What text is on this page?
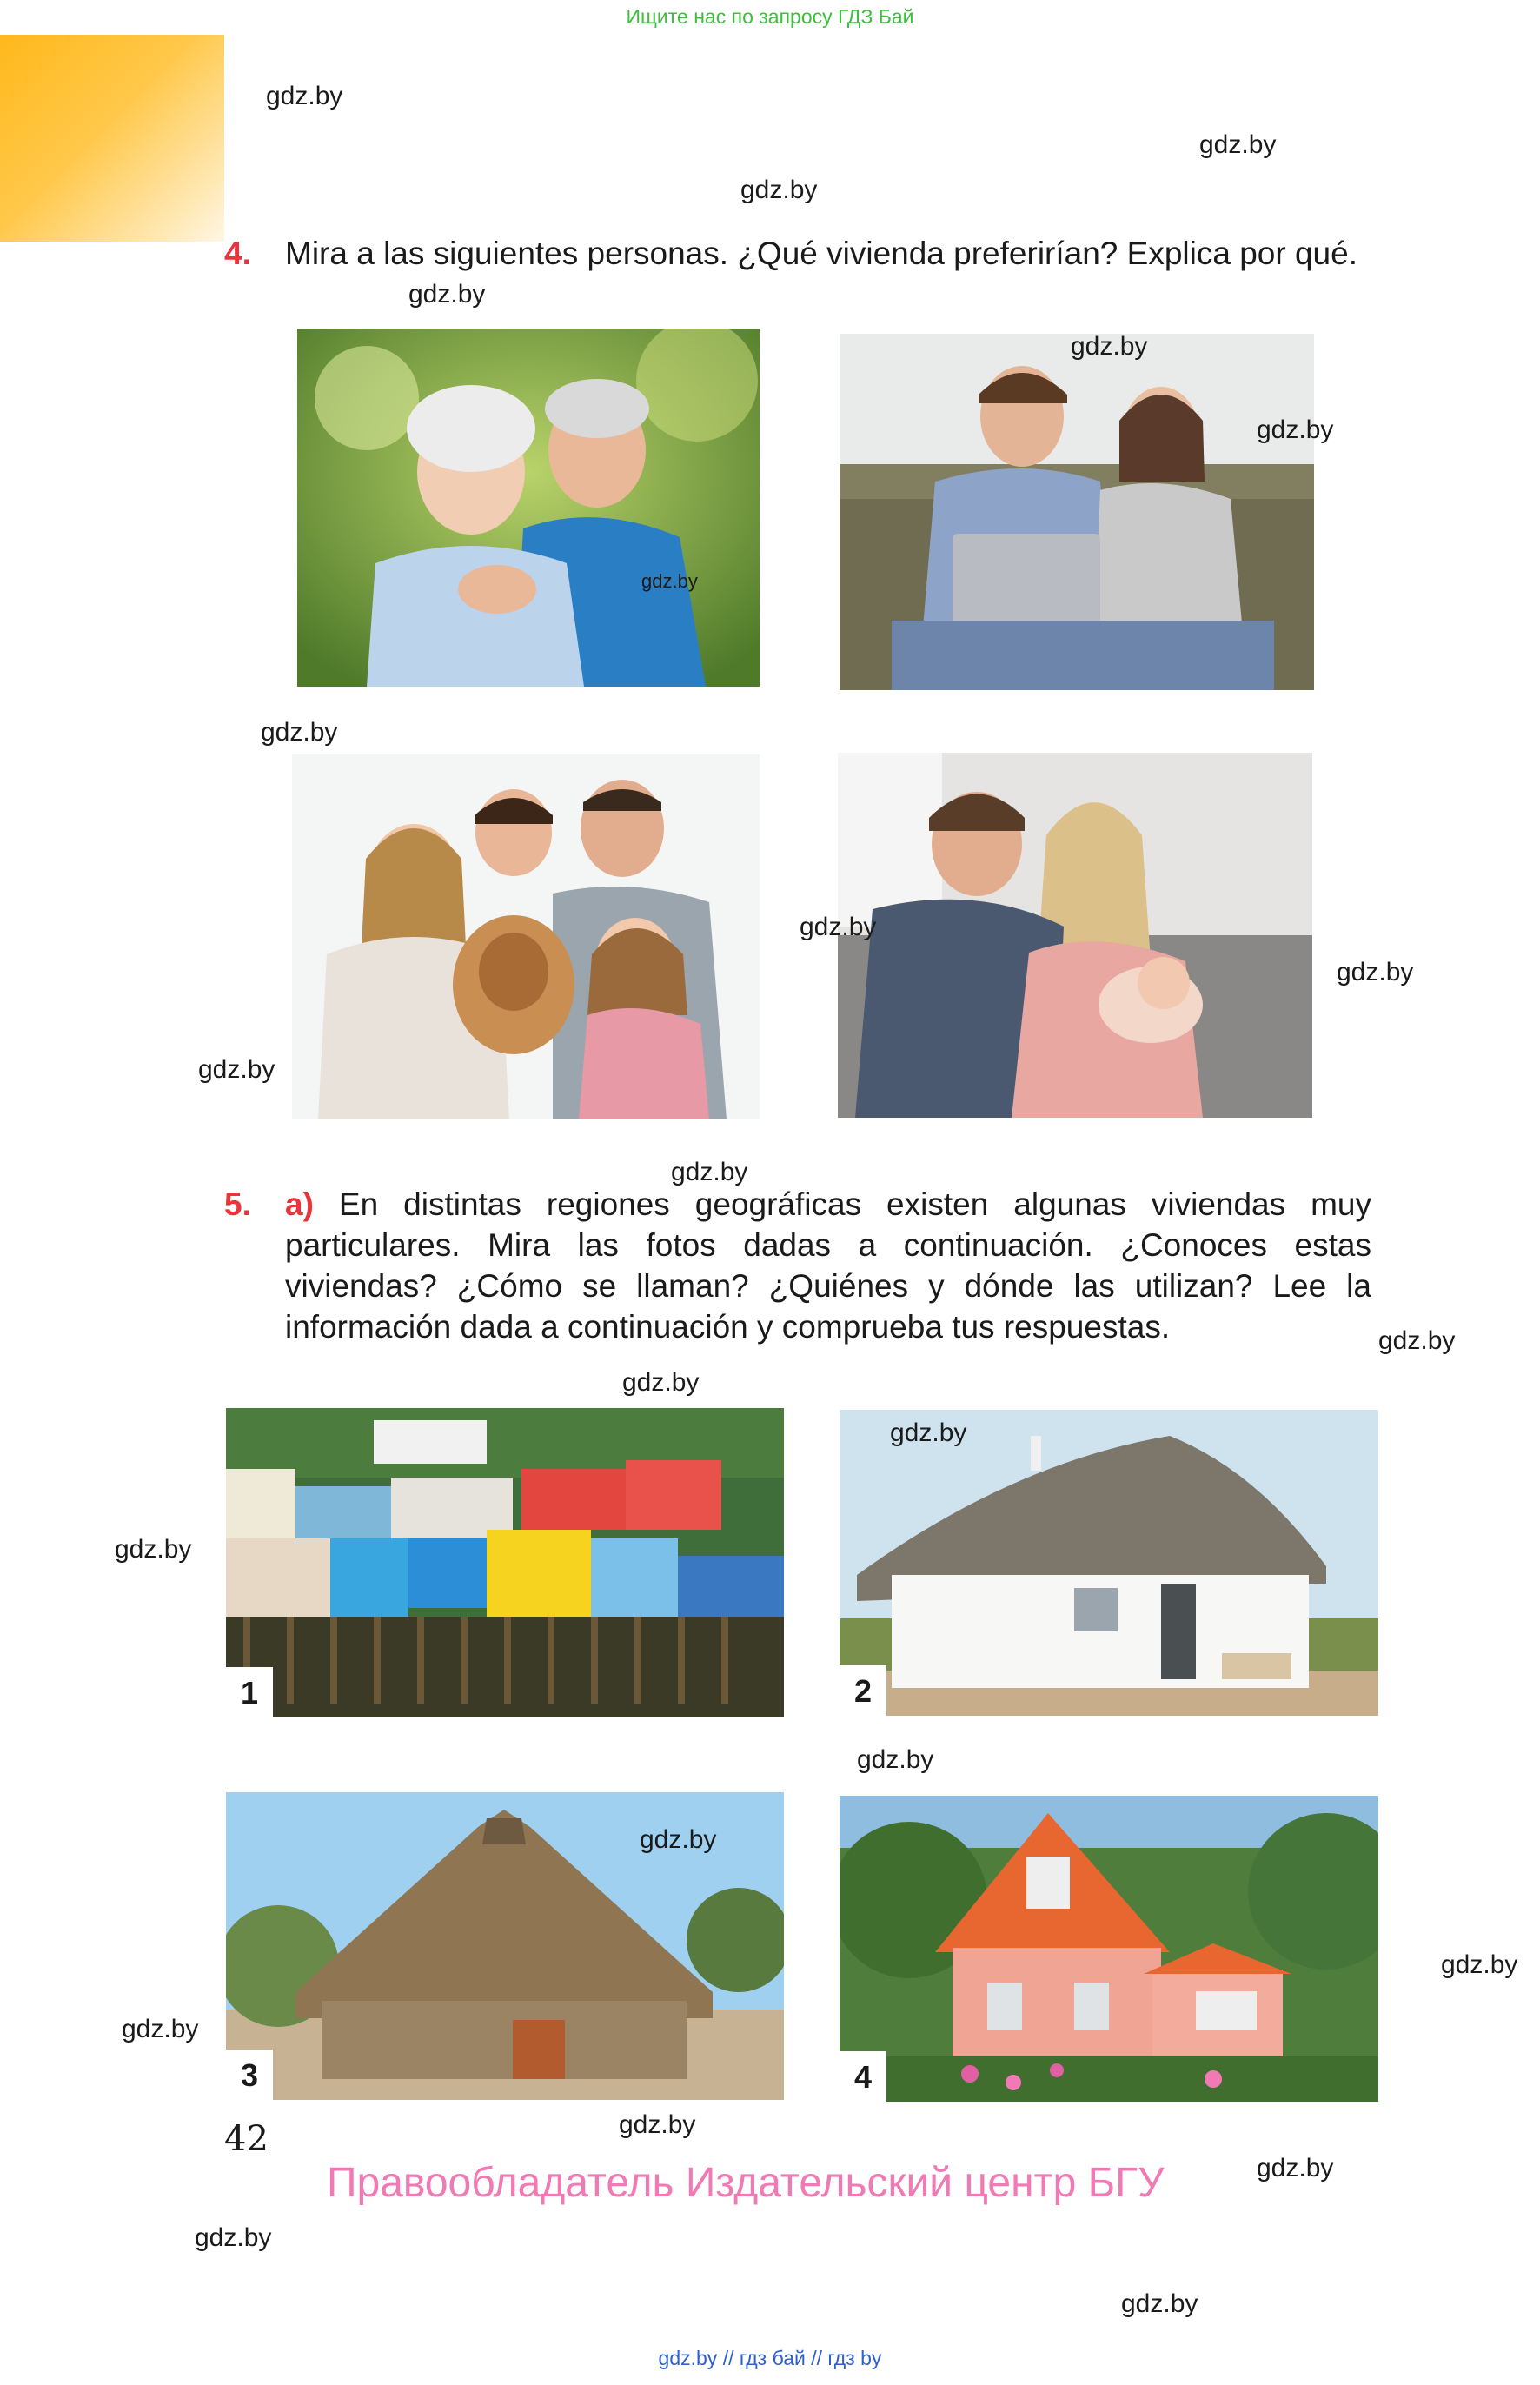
Ищите нас по запросу ГДЗ Бай
4. Mira a las siguientes personas. ¿Qué vivienda preferirían? Explica por qué.
5. a) En distintas regiones geográficas existen algunas viviendas muy particulares. Mira las fotos dadas a continuación. ¿Conoces estas viviendas? ¿Cómo se llaman? ¿Quiénes y dónde las utilizan? Lee la información dada a continuación y comprueba tus respuestas.
1	2
3	4
gdz.by
gdz.by
gdz.by
gdz.by
gdz.by
gdz.by
gdz.by
gdz.by
gdz.by
gdz.by
gdz.by
gdz.by
gdz.by
gdz.by
gdz.by
gdz.by
gdz.by
gdz.by
gdz.by
gdz.by
gdz.by
gdz.by
gdz.by
gdz.by
42
Правообладатель Издательский центр БГУ
gdz.by // гдз бай // гдз by
